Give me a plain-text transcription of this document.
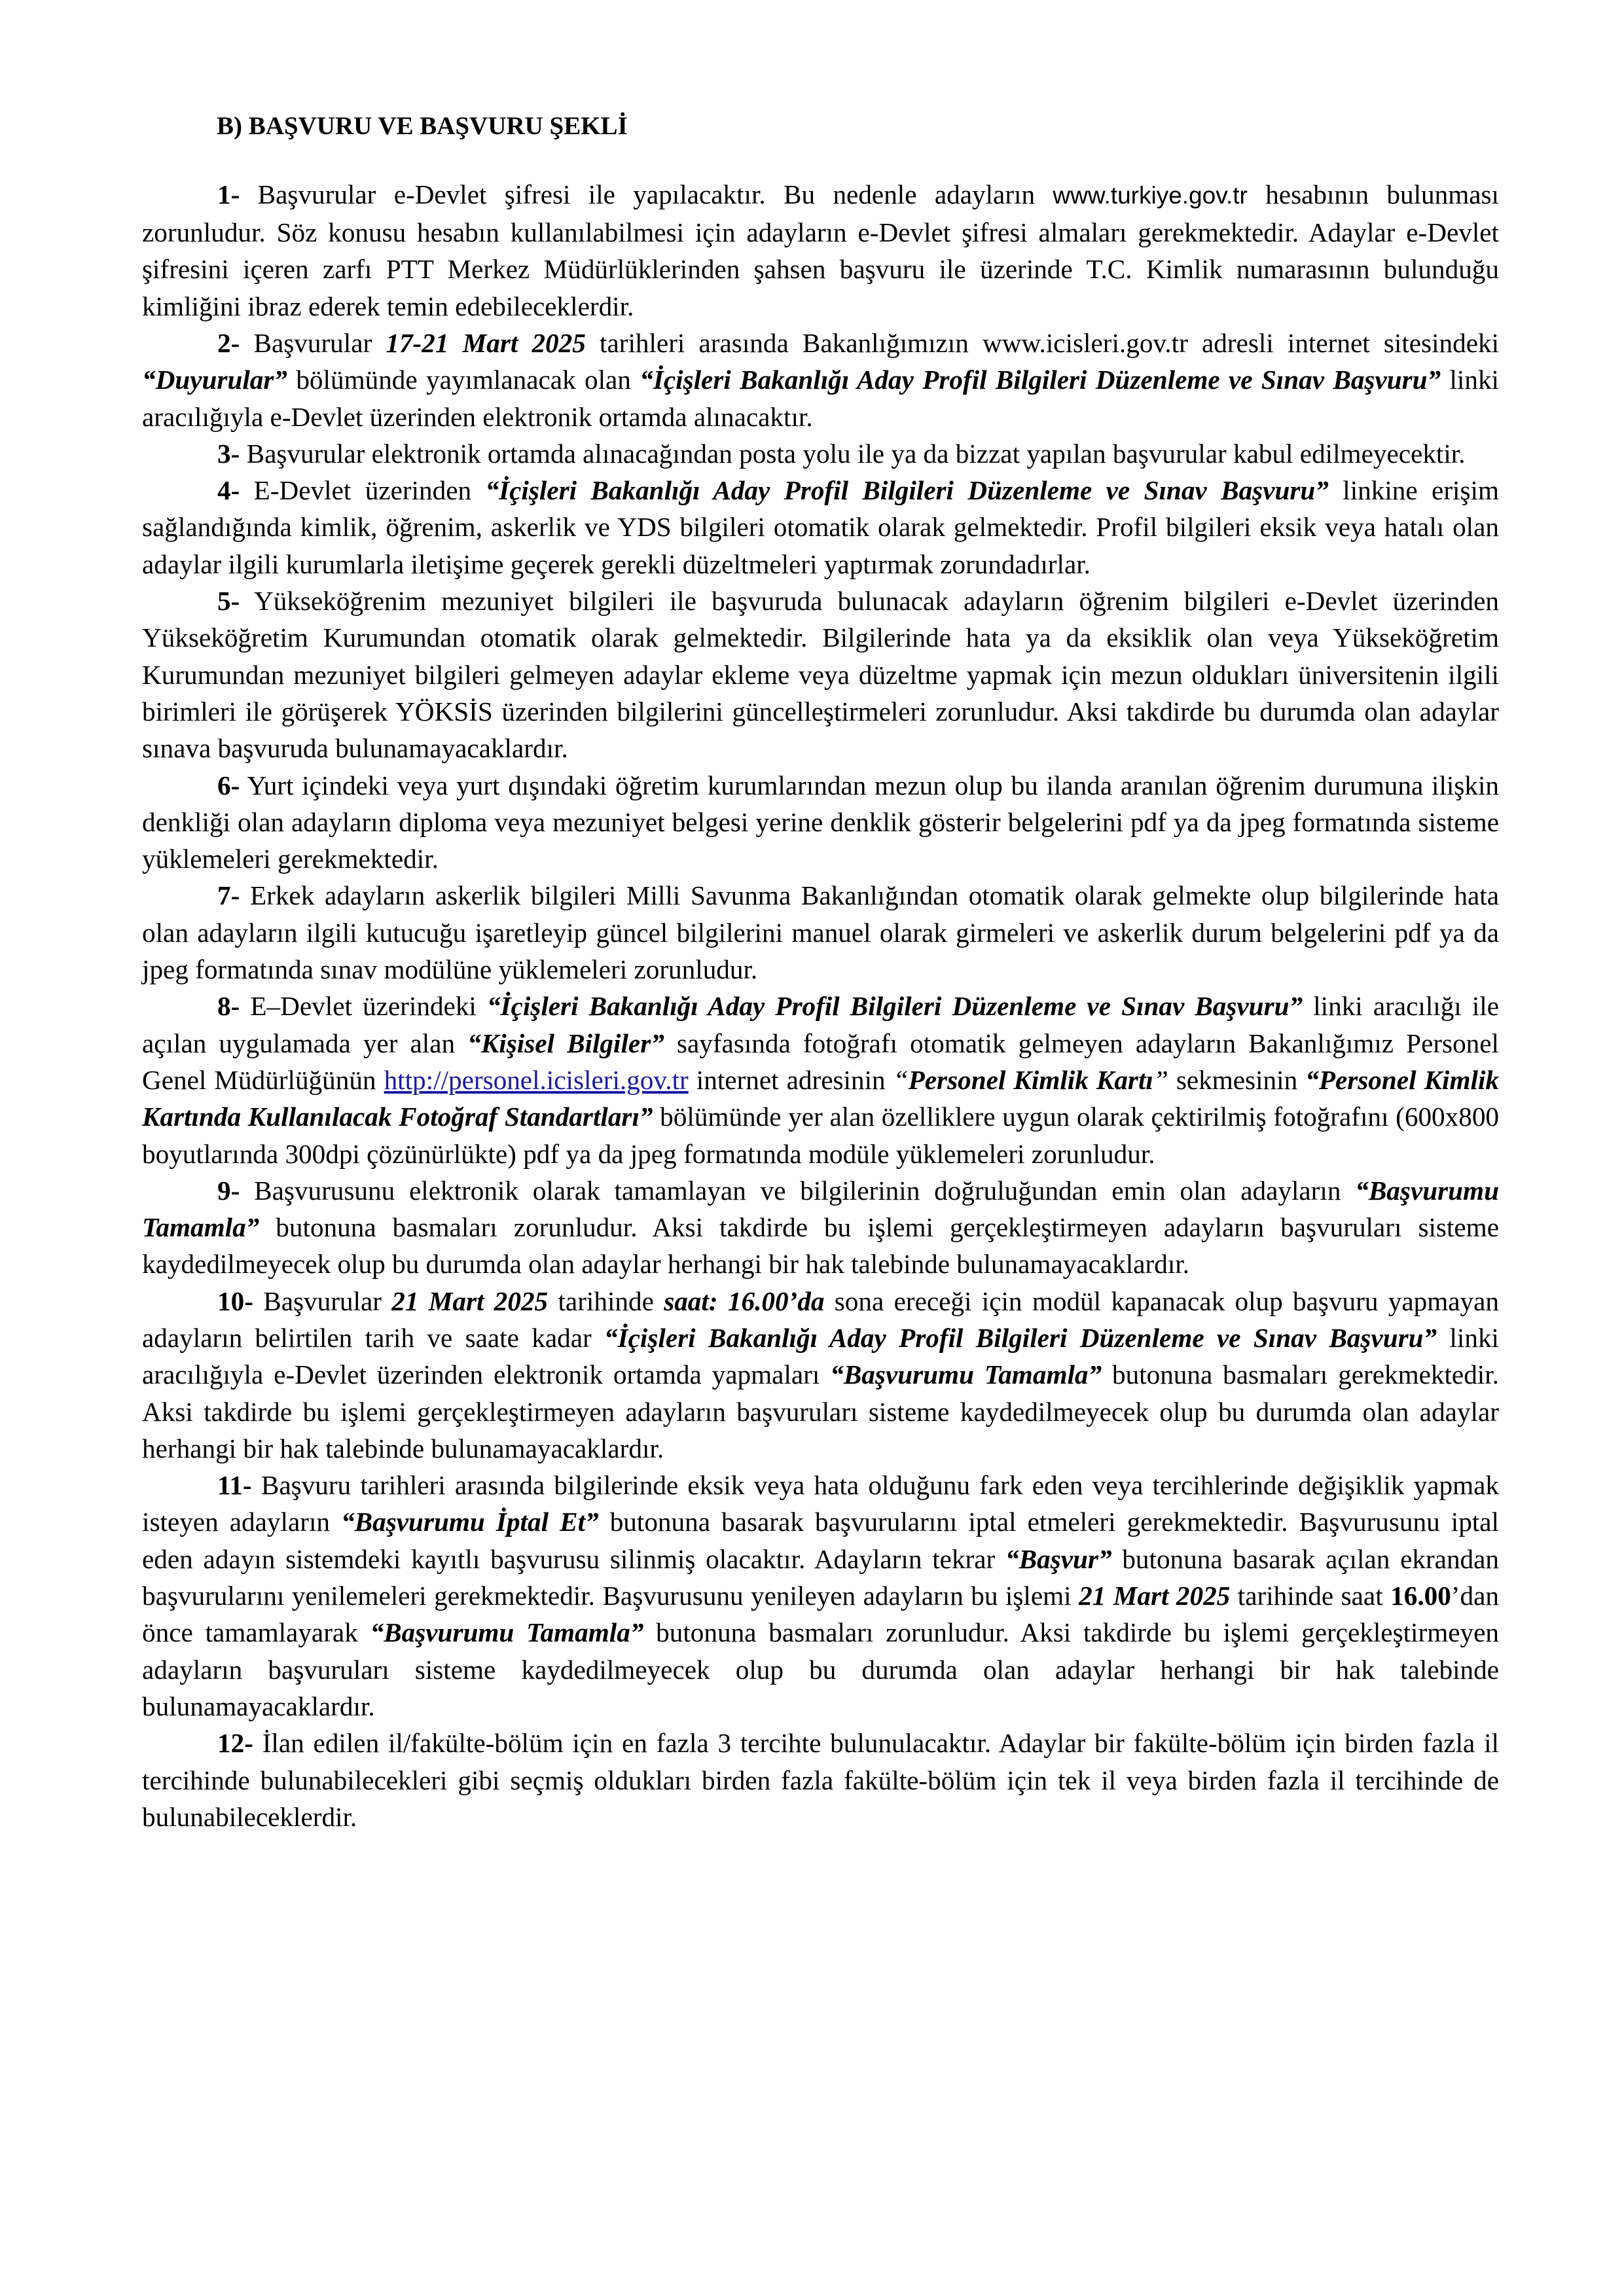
B) BAŞVURU VE BAŞVURU ŞEKLİ

1- Başvurular e-Devlet şifresi ile yapılacaktır. Bu nedenle adayların www.turkiye.gov.tr hesabının bulunması zorunludur. Söz konusu hesabın kullanılabilmesi için adayların e-Devlet şifresi almaları gerekmektedir. Adaylar e-Devlet şifresini içeren zarfı PTT Merkez Müdürlüklerinden şahsen başvuru ile üzerinde T.C. Kimlik numarasının bulunduğu kimliğini ibraz ederek temin edebileceklerdir.

2- Başvurular 17-21 Mart 2025 tarihleri arasında Bakanlığımızın www.icisleri.gov.tr adresli internet sitesindeki “Duyurular” bölümünde yayımlanacak olan “İçişleri Bakanlığı Aday Profil Bilgileri Düzenleme ve Sınav Başvuru” linki aracılığıyla e-Devlet üzerinden elektronik ortamda alınacaktır.

3- Başvurular elektronik ortamda alınacağından posta yolu ile ya da bizzat yapılan başvurular kabul edilmeyecektir.

4- E-Devlet üzerinden “İçişleri Bakanlığı Aday Profil Bilgileri Düzenleme ve Sınav Başvuru” linkine erişim sağlandığında kimlik, öğrenim, askerlik ve YDS bilgileri otomatik olarak gelmektedir. Profil bilgileri eksik veya hatalı olan adaylar ilgili kurumlarla iletişime geçerek gerekli düzeltmeleri yaptırmak zorundadırlar.

5- Yükseköğrenim mezuniyet bilgileri ile başvuruda bulunacak adayların öğrenim bilgileri e-Devlet üzerinden Yükseköğretim Kurumundan otomatik olarak gelmektedir. Bilgilerinde hata ya da eksiklik olan veya Yükseköğretim Kurumundan mezuniyet bilgileri gelmeyen adaylar ekleme veya düzeltme yapmak için mezun oldukları üniversitenin ilgili birimleri ile görüşerek YÖKSİS üzerinden bilgilerini güncelleştirmeleri zorunludur. Aksi takdirde bu durumda olan adaylar sınava başvuruda bulunamayacaklardır.

6- Yurt içindeki veya yurt dışındaki öğretim kurumlarından mezun olup bu ilanda aranılan öğrenim durumuna ilişkin denkliği olan adayların diploma veya mezuniyet belgesi yerine denklik gösterir belgelerini pdf ya da jpeg formatında sisteme yüklemeleri gerekmektedir.

7- Erkek adayların askerlik bilgileri Milli Savunma Bakanlığından otomatik olarak gelmekte olup bilgilerinde hata olan adayların ilgili kutucuğu işaretleyip güncel bilgilerini manuel olarak girmeleri ve askerlik durum belgelerini pdf ya da jpeg formatında sınav modülüne yüklemeleri zorunludur.

8- E–Devlet üzerindeki “İçişleri Bakanlığı Aday Profil Bilgileri Düzenleme ve Sınav Başvuru” linki aracılığı ile açılan uygulamada yer alan “Kişisel Bilgiler” sayfasında fotoğrafı otomatik gelmeyen adayların Bakanlığımız Personel Genel Müdürlüğünün http://personel.icisleri.gov.tr internet adresinin “Personel Kimlik Kartı” sekmesinin “Personel Kimlik Kartında Kullanılacak Fotoğraf Standartları” bölümünde yer alan özelliklere uygun olarak çektirilmiş fotoğrafını (600x800 boyutlarında 300dpi çözünürlükte) pdf ya da jpeg formatında modüle yüklemeleri zorunludur.

9- Başvurusunu elektronik olarak tamamlayan ve bilgilerinin doğruluğundan emin olan adayların “Başvurumu Tamamla” butonuna basmaları zorunludur. Aksi takdirde bu işlemi gerçekleştirmeyen adayların başvuruları sisteme kaydedilmeyecek olup bu durumda olan adaylar herhangi bir hak talebinde bulunamayacaklardır.

10- Başvurular 21 Mart 2025 tarihinde saat: 16.00’da sona ereceği için modül kapanacak olup başvuru yapmayan adayların belirtilen tarih ve saate kadar “İçişleri Bakanlığı Aday Profil Bilgileri Düzenleme ve Sınav Başvuru” linki aracılığıyla e-Devlet üzerinden elektronik ortamda yapmaları “Başvurumu Tamamla” butonuna basmaları gerekmektedir. Aksi takdirde bu işlemi gerçekleştirmeyen adayların başvuruları sisteme kaydedilmeyecek olup bu durumda olan adaylar herhangi bir hak talebinde bulunamayacaklardır.

11- Başvuru tarihleri arasında bilgilerinde eksik veya hata olduğunu fark eden veya tercihlerinde değişiklik yapmak isteyen adayların “Başvurumu İptal Et” butonuna basarak başvurularını iptal etmeleri gerekmektedir. Başvurusunu iptal eden adayın sistemdeki kayıtlı başvurusu silinmiş olacaktır. Adayların tekrar “Başvur” butonuna basarak açılan ekrandan başvurularını yenilemeleri gerekmektedir. Başvurusunu yenileyen adayların bu işlemi 21 Mart 2025 tarihinde saat 16.00’dan önce tamamlayarak “Başvurumu Tamamla” butonuna basmaları zorunludur. Aksi takdirde bu işlemi gerçekleştirmeyen adayların başvuruları sisteme kaydedilmeyecek olup bu durumda olan adaylar herhangi bir hak talebinde bulunamayacaklardır.

12- İlan edilen il/fakülte-bölüm için en fazla 3 tercihte bulunulacaktır. Adaylar bir fakülte-bölüm için birden fazla il tercihinde bulunabilecekleri gibi seçmiş oldukları birden fazla fakülte-bölüm için tek il veya birden fazla il tercihinde de bulunabileceklerdir.
